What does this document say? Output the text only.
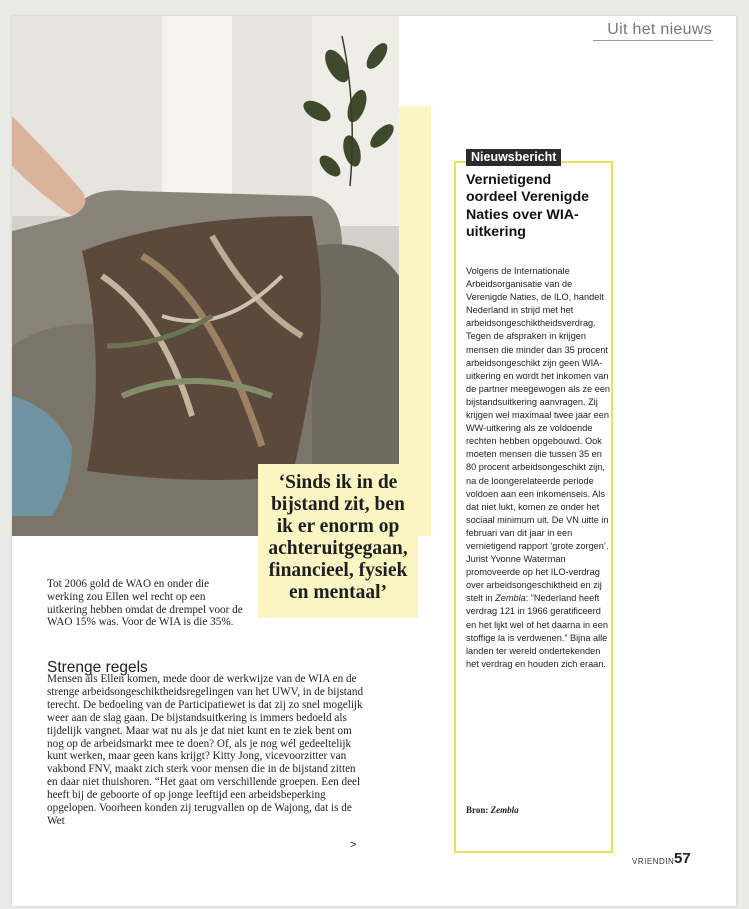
Uit het nieuws
‘Sinds ik in de bijstand zit, ben ik er enorm op achteruitgegaan, financieel, fysiek en mentaal’
Tot 2006 gold de WAO en onder die werking zou Ellen wel recht op een uitkering hebben omdat de drempel voor de WAO 15% was. Voor de WIA is die 35%.
Strenge regels

Mensen als Ellen komen, mede door de werkwijze van de WIA en de strenge arbeidsongeschiktheidsregelingen van het UWV, in de bijstand terecht. De bedoeling van de Participatiewet is dat zij zo snel mogelijk weer aan de slag gaan. De bijstandsuitkering is immers bedoeld als tijdelijk vangnet. Maar wat nu als je dat niet kunt en te ziek bent om nog op de arbeidsmarkt mee te doen? Of, als je nog wél gedeeltelijk kunt werken, maar geen kans krijgt? Kitty Jong, vicevoorzitter van vakbond FNV, maakt zich sterk voor mensen die in de bijstand zitten en daar niet thuishoren. “Het gaat om verschillende groepen. Een deel heeft bij de geboorte of op jonge leeftijd een arbeidsbeperking opgelopen. Voorheen konden zij terugvallen op de Wajong, dat is de Wet

>
Nieuwsbericht
Vernietigend oordeel Verenigde Naties over WIA-uitkering

Volgens de Internationale Arbeidsorganisatie van de Verenigde Naties, de ILO, handelt Nederland in strijd met het arbeidsongeschiktheidsverdrag. Tegen de afspraken in krijgen mensen die minder dan 35 procent arbeidsongeschikt zijn geen WIA-uitkering en wordt het inkomen van de partner meegewogen als ze een bijstandsuitkering aanvragen. Zij krijgen wel maximaal twee jaar een WW-uitkering als ze voldoende rechten hebben opgebouwd. Ook moeten mensen die tussen 35 en 80 procent arbeidsongeschikt zijn, na de loongerelateerde periode voldoen aan een inkomenseis. Als dat niet lukt, komen ze onder het sociaal minimum uit. De VN uitte in februari van dit jaar in een vernietigend rapport ‘grote zorgen’. Jurist Yvonne Waterman promoveerde op het ILO-verdrag over arbeidsongeschiktheid en zij stelt in Zembla: “Nederland heeft verdrag 121 in 1966 geratificeerd en het lijkt wel of het daarna in een stoffige la is verdwenen.” Bijna alle landen ter wereld ondertekenden het verdrag en houden zich eraan.

Bron: Zembla
VRIENDIN 57
